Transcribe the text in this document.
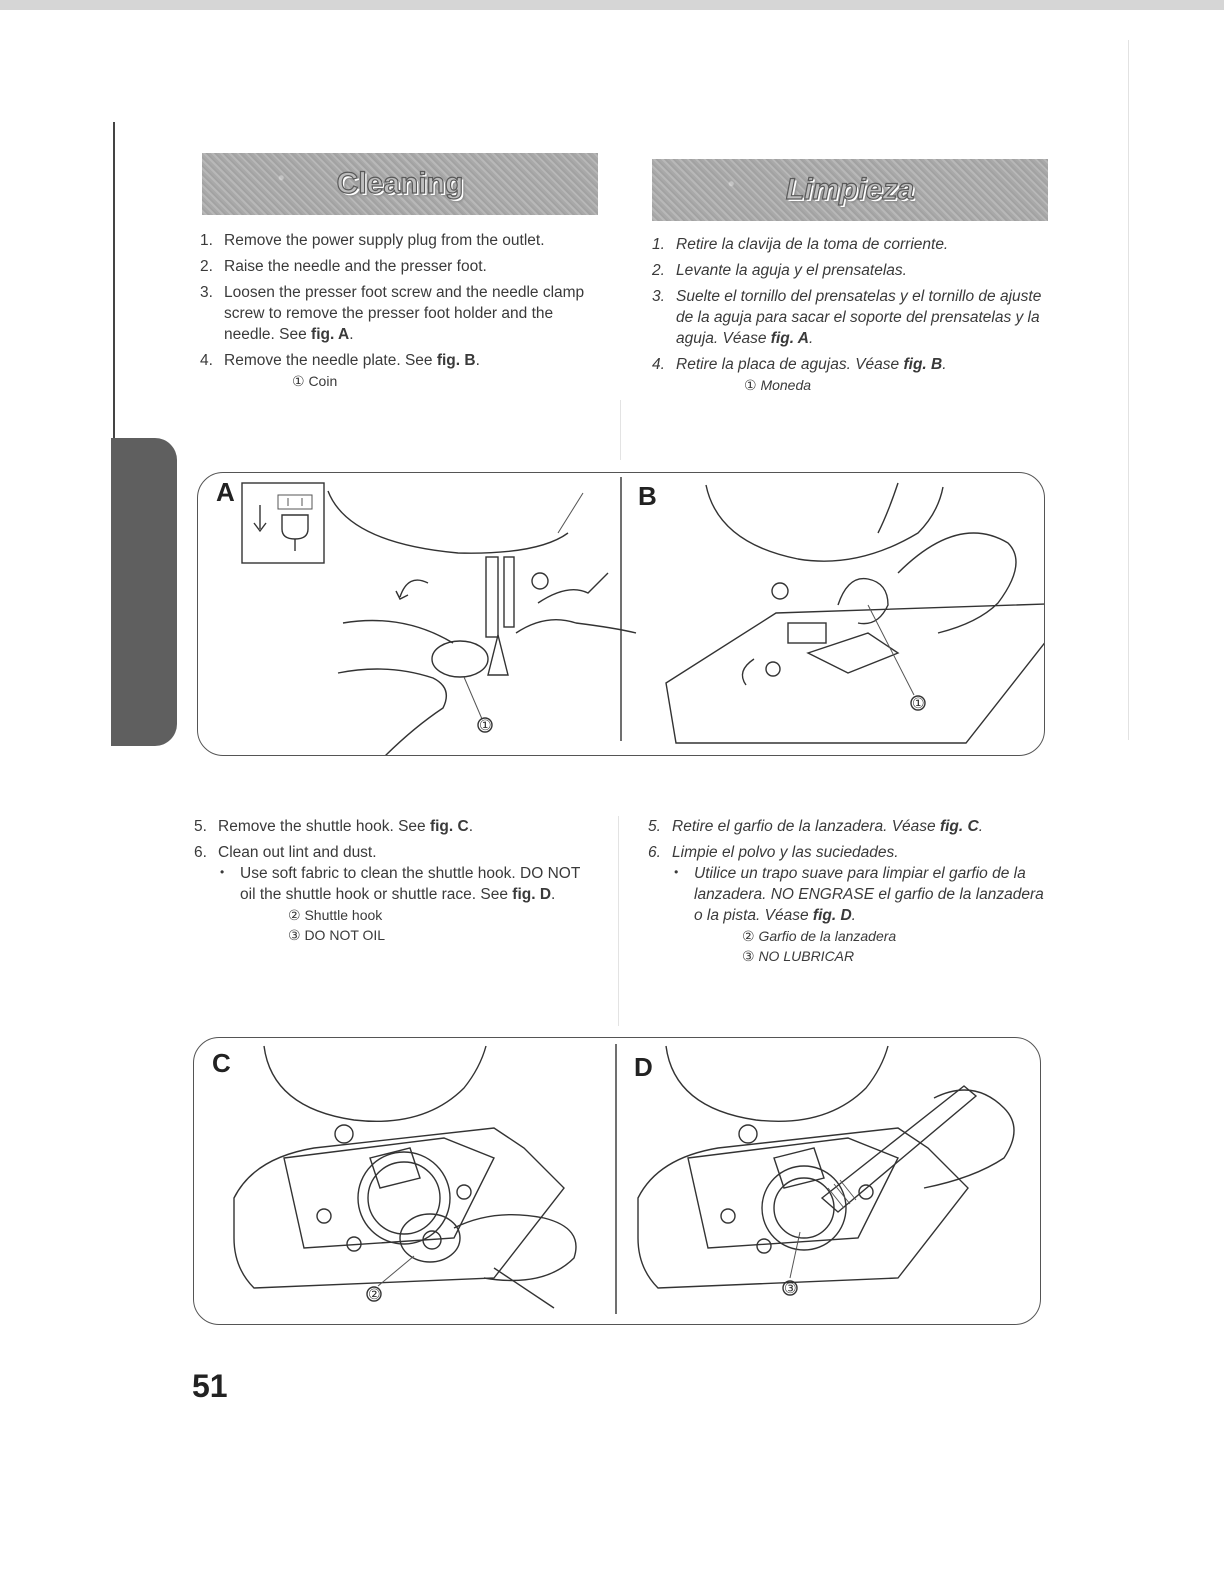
MAINTENANCE
MANTENIMIENTO
Cleaning	Limpieza
1. Remove the power supply plug from the outlet.
2. Raise the needle and the presser foot.
3. Loosen the presser foot screw and the needle clamp screw to remove the presser foot holder and the needle. See fig. A.
4. Remove the needle plate. See fig. B.
① Coin
1. Retire la clavija de la toma de corriente.
2. Levante la aguja y el prensatelas.
3. Suelte el tornillo del prensatelas y el tornillo de ajuste de la aguja para sacar el soporte del prensatelas y la aguja. Véase fig. A.
4. Retire la placa de agujas. Véase fig. B.
① Moneda
①
①
A	B
5. Remove the shuttle hook. See fig. C.
6. Clean out lint and dust.
• Use soft fabric to clean the shuttle hook. DO NOT oil the shuttle hook or shuttle race. See fig. D.
② Shuttle hook
③ DO NOT OIL
5. Retire el garfio de la lanzadera. Véase fig. C.
6. Limpie el polvo y las suciedades.
• Utilice un trapo suave para limpiar el garfio de la lanzadera. NO ENGRASE el garfio de la lanzadera o la pista. Véase fig. D.
② Garfio de la lanzadera
③ NO LUBRICAR
②	③
C	D
51
